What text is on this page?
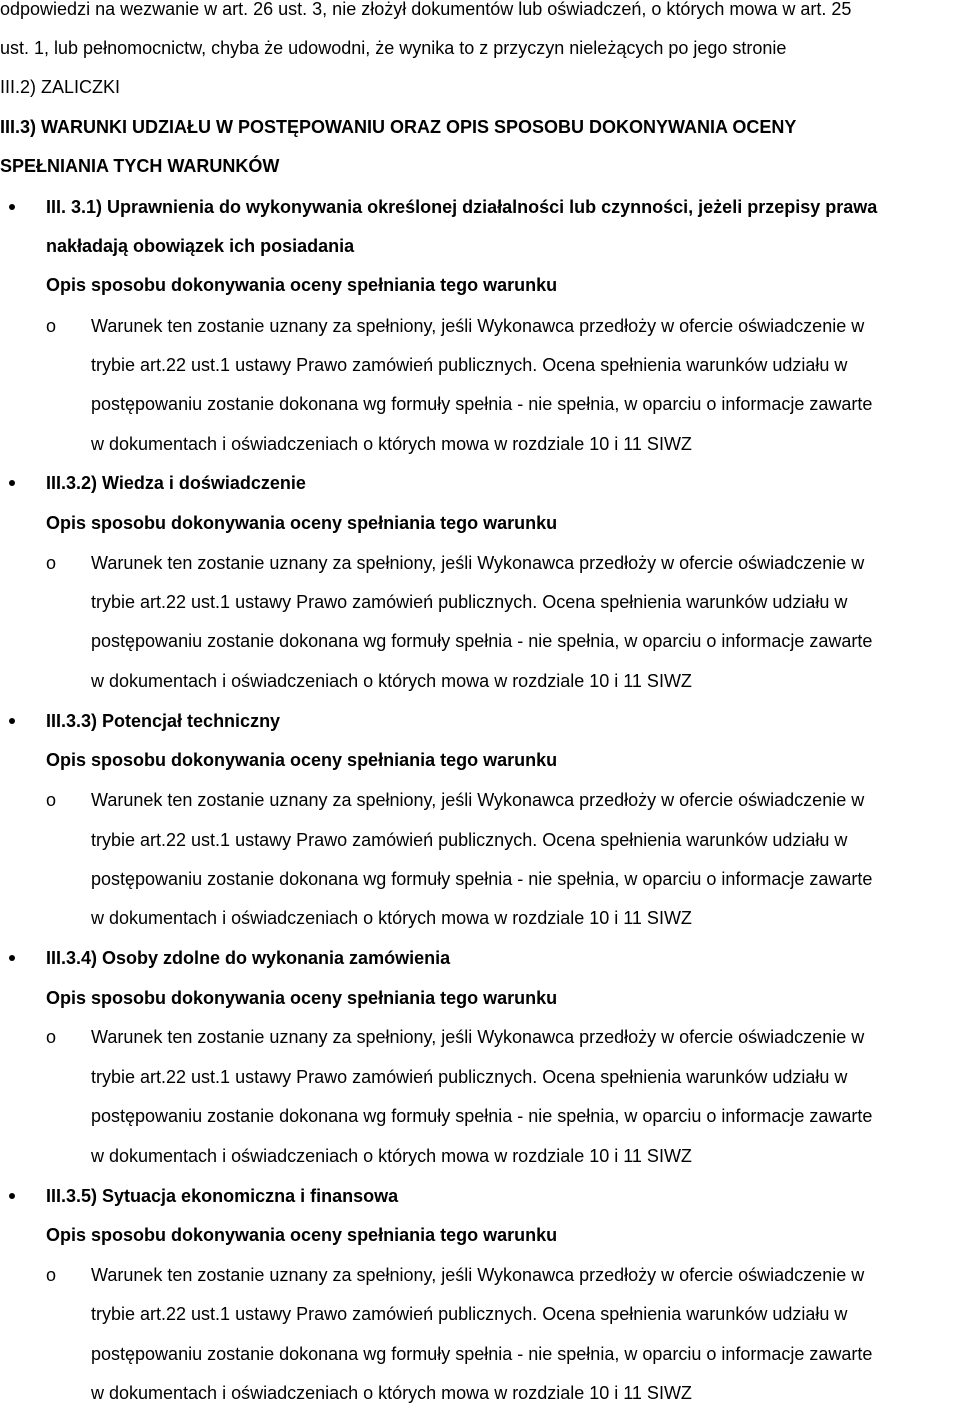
odpowiedzi na wezwanie w art. 26 ust. 3, nie złożył dokumentów lub oświadczeń, o których mowa w art. 25
ust. 1, lub pełnomocnictw, chyba że udowodni, że wynika to z przyczyn nieleżących po jego stronie
III.2) ZALICZKI
III.3) WARUNKI UDZIAŁU W POSTĘPOWANIU ORAZ OPIS SPOSOBU DOKONYWANIA OCENY
SPEŁNIANIA TYCH WARUNKÓW
III. 3.1) Uprawnienia do wykonywania określonej działalności lub czynności, jeżeli przepisy prawa
nakładają obowiązek ich posiadania
Opis sposobu dokonywania oceny spełniania tego warunku
o Warunek ten zostanie uznany za spełniony, jeśli Wykonawca przedłoży w ofercie oświadczenie w
trybie art.22 ust.1 ustawy Prawo zamówień publicznych. Ocena spełnienia warunków udziału w
postępowaniu zostanie dokonana wg formuły spełnia - nie spełnia, w oparciu o informacje zawarte
w dokumentach i oświadczeniach o których mowa w rozdziale 10 i 11 SIWZ
III.3.2) Wiedza i doświadczenie
Opis sposobu dokonywania oceny spełniania tego warunku
o Warunek ten zostanie uznany za spełniony, jeśli Wykonawca przedłoży w ofercie oświadczenie w
trybie art.22 ust.1 ustawy Prawo zamówień publicznych. Ocena spełnienia warunków udziału w
postępowaniu zostanie dokonana wg formuły spełnia - nie spełnia, w oparciu o informacje zawarte
w dokumentach i oświadczeniach o których mowa w rozdziale 10 i 11 SIWZ
III.3.3) Potencjał techniczny
Opis sposobu dokonywania oceny spełniania tego warunku
o Warunek ten zostanie uznany za spełniony, jeśli Wykonawca przedłoży w ofercie oświadczenie w
trybie art.22 ust.1 ustawy Prawo zamówień publicznych. Ocena spełnienia warunków udziału w
postępowaniu zostanie dokonana wg formuły spełnia - nie spełnia, w oparciu o informacje zawarte
w dokumentach i oświadczeniach o których mowa w rozdziale 10 i 11 SIWZ
III.3.4) Osoby zdolne do wykonania zamówienia
Opis sposobu dokonywania oceny spełniania tego warunku
o Warunek ten zostanie uznany za spełniony, jeśli Wykonawca przedłoży w ofercie oświadczenie w
trybie art.22 ust.1 ustawy Prawo zamówień publicznych. Ocena spełnienia warunków udziału w
postępowaniu zostanie dokonana wg formuły spełnia - nie spełnia, w oparciu o informacje zawarte
w dokumentach i oświadczeniach o których mowa w rozdziale 10 i 11 SIWZ
III.3.5) Sytuacja ekonomiczna i finansowa
Opis sposobu dokonywania oceny spełniania tego warunku
o Warunek ten zostanie uznany za spełniony, jeśli Wykonawca przedłoży w ofercie oświadczenie w
trybie art.22 ust.1 ustawy Prawo zamówień publicznych. Ocena spełnienia warunków udziału w
postępowaniu zostanie dokonana wg formuły spełnia - nie spełnia, w oparciu o informacje zawarte
w dokumentach i oświadczeniach o których mowa w rozdziale 10 i 11 SIWZ
